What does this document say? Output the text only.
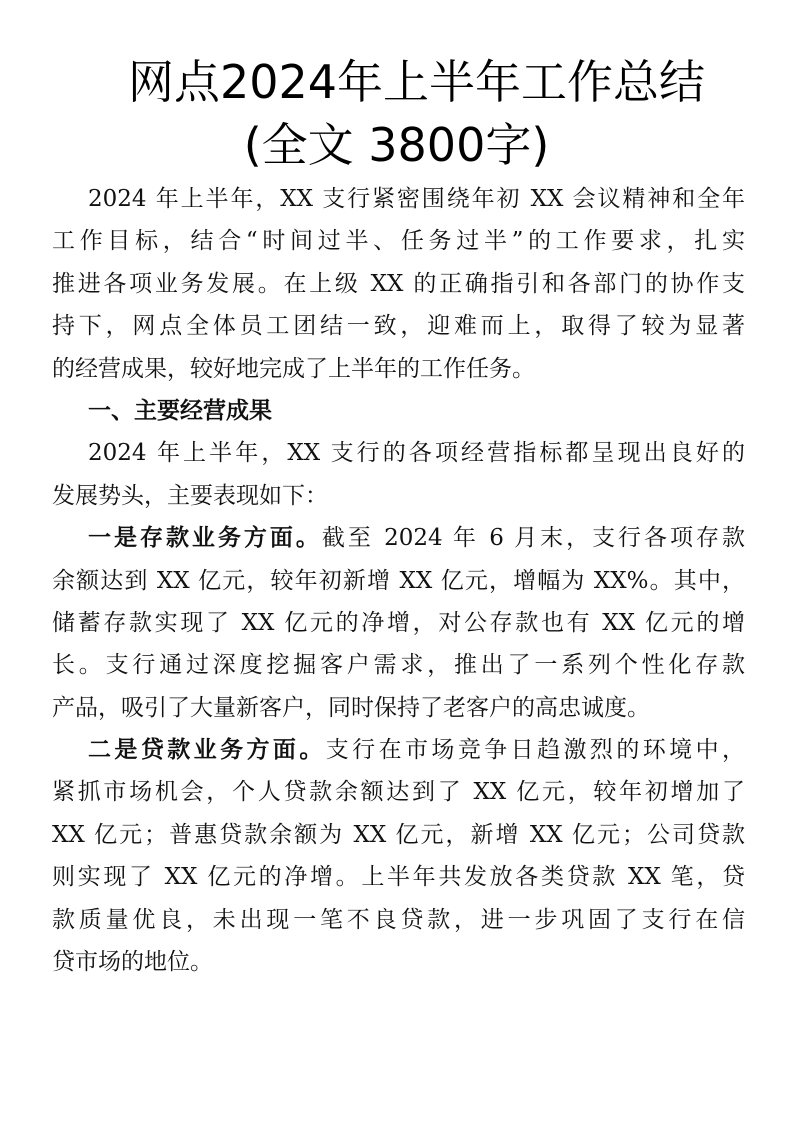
网点2024年上半年工作总结
(全文 3800字)
2024 年上半年，XX 支行紧密围绕年初 XX 会议精神和全年
工作目标，结合“时间过半、任务过半”的工作要求，扎实
推进各项业务发展。在上级 XX 的正确指引和各部门的协作支
持下，网点全体员工团结一致，迎难而上，取得了较为显著
的经营成果，较好地完成了上半年的工作任务。
一、主要经营成果
2024 年上半年，XX 支行的各项经营指标都呈现出良好的
发展势头，主要表现如下：
一是存款业务方面。截至 2024 年 6 月末，支行各项存款
余额达到 XX 亿元，较年初新增 XX 亿元，增幅为 XX%。其中，
储蓄存款实现了 XX 亿元的净增，对公存款也有 XX 亿元的增
长。支行通过深度挖掘客户需求，推出了一系列个性化存款
产品，吸引了大量新客户，同时保持了老客户的高忠诚度。
二是贷款业务方面。支行在市场竞争日趋激烈的环境中，
紧抓市场机会，个人贷款余额达到了 XX 亿元，较年初增加了
XX 亿元；普惠贷款余额为 XX 亿元，新增 XX 亿元；公司贷款
则实现了 XX 亿元的净增。上半年共发放各类贷款 XX 笔，贷
款质量优良，未出现一笔不良贷款，进一步巩固了支行在信
贷市场的地位。
